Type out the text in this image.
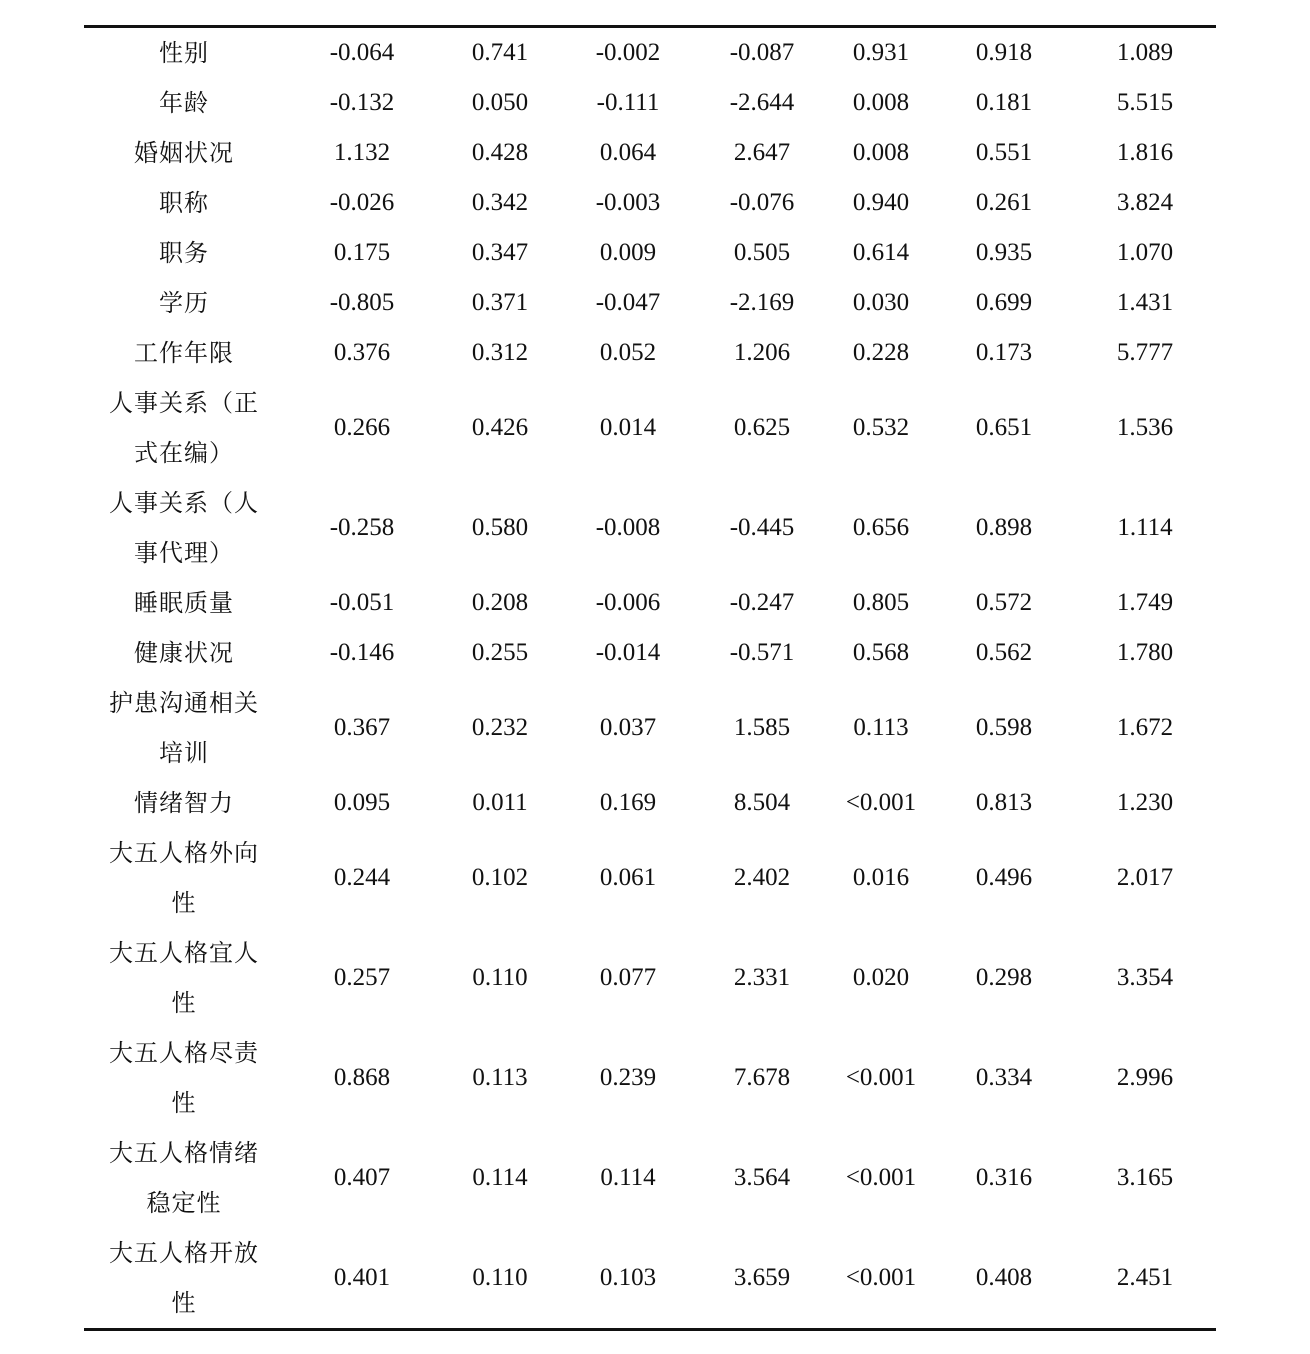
性别	-0.064	0.741	-0.002	-0.087	0.931	0.918	1.089
年龄	-0.132	0.050	-0.111	-2.644	0.008	0.181	5.515
婚姻状况	1.132	0.428	0.064	2.647	0.008	0.551	1.816
职称	-0.026	0.342	-0.003	-0.076	0.940	0.261	3.824
职务	0.175	0.347	0.009	0.505	0.614	0.935	1.070
学历	-0.805	0.371	-0.047	-2.169	0.030	0.699	1.431
工作年限	0.376	0.312	0.052	1.206	0.228	0.173	5.777
人事关系（正式在编）	0.266	0.426	0.014	0.625	0.532	0.651	1.536
人事关系（人事代理）	-0.258	0.580	-0.008	-0.445	0.656	0.898	1.114
睡眠质量	-0.051	0.208	-0.006	-0.247	0.805	0.572	1.749
健康状况	-0.146	0.255	-0.014	-0.571	0.568	0.562	1.780
护患沟通相关培训	0.367	0.232	0.037	1.585	0.113	0.598	1.672
情绪智力	0.095	0.011	0.169	8.504	<0.001	0.813	1.230
大五人格外向性	0.244	0.102	0.061	2.402	0.016	0.496	2.017
大五人格宜人性	0.257	0.110	0.077	2.331	0.020	0.298	3.354
大五人格尽责性	0.868	0.113	0.239	7.678	<0.001	0.334	2.996
大五人格情绪稳定性	0.407	0.114	0.114	3.564	<0.001	0.316	3.165
大五人格开放性	0.401	0.110	0.103	3.659	<0.001	0.408	2.451
